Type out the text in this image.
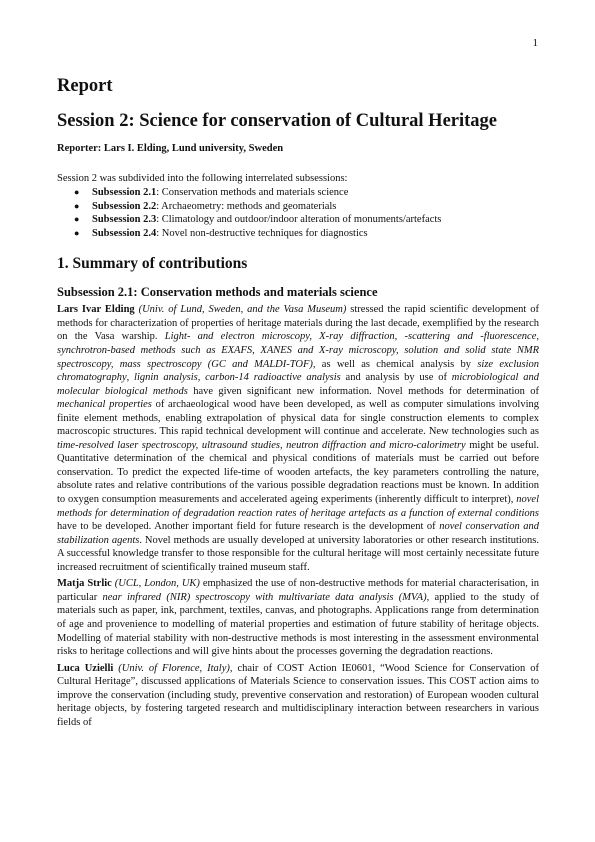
1
Report
Session 2: Science for conservation of Cultural Heritage
Reporter: Lars I. Elding, Lund university, Sweden

Session 2 was subdivided into the following interrelated subsessions:

● Subsession 2.1: Conservation methods and materials science
● Subsession 2.2: Archaeometry: methods and geomaterials
● Subsession 2.3: Climatology and outdoor/indoor alteration of monuments/artefacts
● Subsession 2.4: Novel non-destructive techniques for diagnostics
1. Summary of contributions
Subsession 2.1: Conservation methods and materials science

Lars Ivar Elding (Univ. of Lund, Sweden, and the Vasa Museum) stressed the rapid scientific development of methods for characterization of properties of heritage materials during the last decade, exemplified by the research on the Vasa warship. Light- and electron microscopy, X-ray diffraction, -scattering and -fluorescence, synchrotron-based methods such as EXAFS, XANES and X-ray microscopy, solution and solid state NMR spectroscopy, mass spectroscopy (GC and MALDI-TOF), as well as chemical analysis by size exclusion chromatography, lignin analysis, carbon-14 radioactive analysis and analysis by use of microbiological and molecular biological methods have given significant new information. Novel methods for determination of mechanical properties of archaeological wood have been developed, as well as computer simulations involving finite element methods, enabling extrapolation of physical data for single construction elements to complex macroscopic structures. This rapid technical development will continue and accelerate. New technologies such as time-resolved laser spectroscopy, ultrasound studies, neutron diffraction and micro-calorimetry might be useful. Quantitative determination of the chemical and physical conditions of materials must be carried out before conservation. To predict the expected life-time of wooden artefacts, the key parameters controlling the nature, absolute rates and relative contributions of the various possible degradation reactions must be known. In addition to oxygen consumption measurements and accelerated ageing experiments (inherently difficult to interpret), novel methods for determination of degradation reaction rates of heritage artefacts as a function of external conditions have to be developed. Another important field for future research is the development of novel conservation and stabilization agents. Novel methods are usually developed at university laboratories or other research institutions. A successful knowledge transfer to those responsible for the cultural heritage will most certainly necessitate future increased recruitment of scientifically trained museum staff.

Matja Strlic (UCL, London, UK) emphasized the use of non-destructive methods for material characterisation, in particular near infrared (NIR) spectroscopy with multivariate data analysis (MVA), applied to the study of materials such as paper, ink, parchment, textiles, canvas, and photographs. Applications range from determination of age and provenience to modelling of material properties and estimation of future stability of heritage objects. Modelling of material stability with non-destructive methods is most interesting in the assessment environmental risks to heritage collections and will give hints about the processes governing the degradation reactions.

Luca Uzielli (Univ. of Florence, Italy), chair of COST Action IE0601, “Wood Science for Conservation of Cultural Heritage”, discussed applications of Materials Science to conservation issues. This COST action aims to improve the conservation (including study, preventive conservation and restoration) of European wooden cultural heritage objects, by fostering targeted research and multidisciplinary interaction between researchers in various fields of
